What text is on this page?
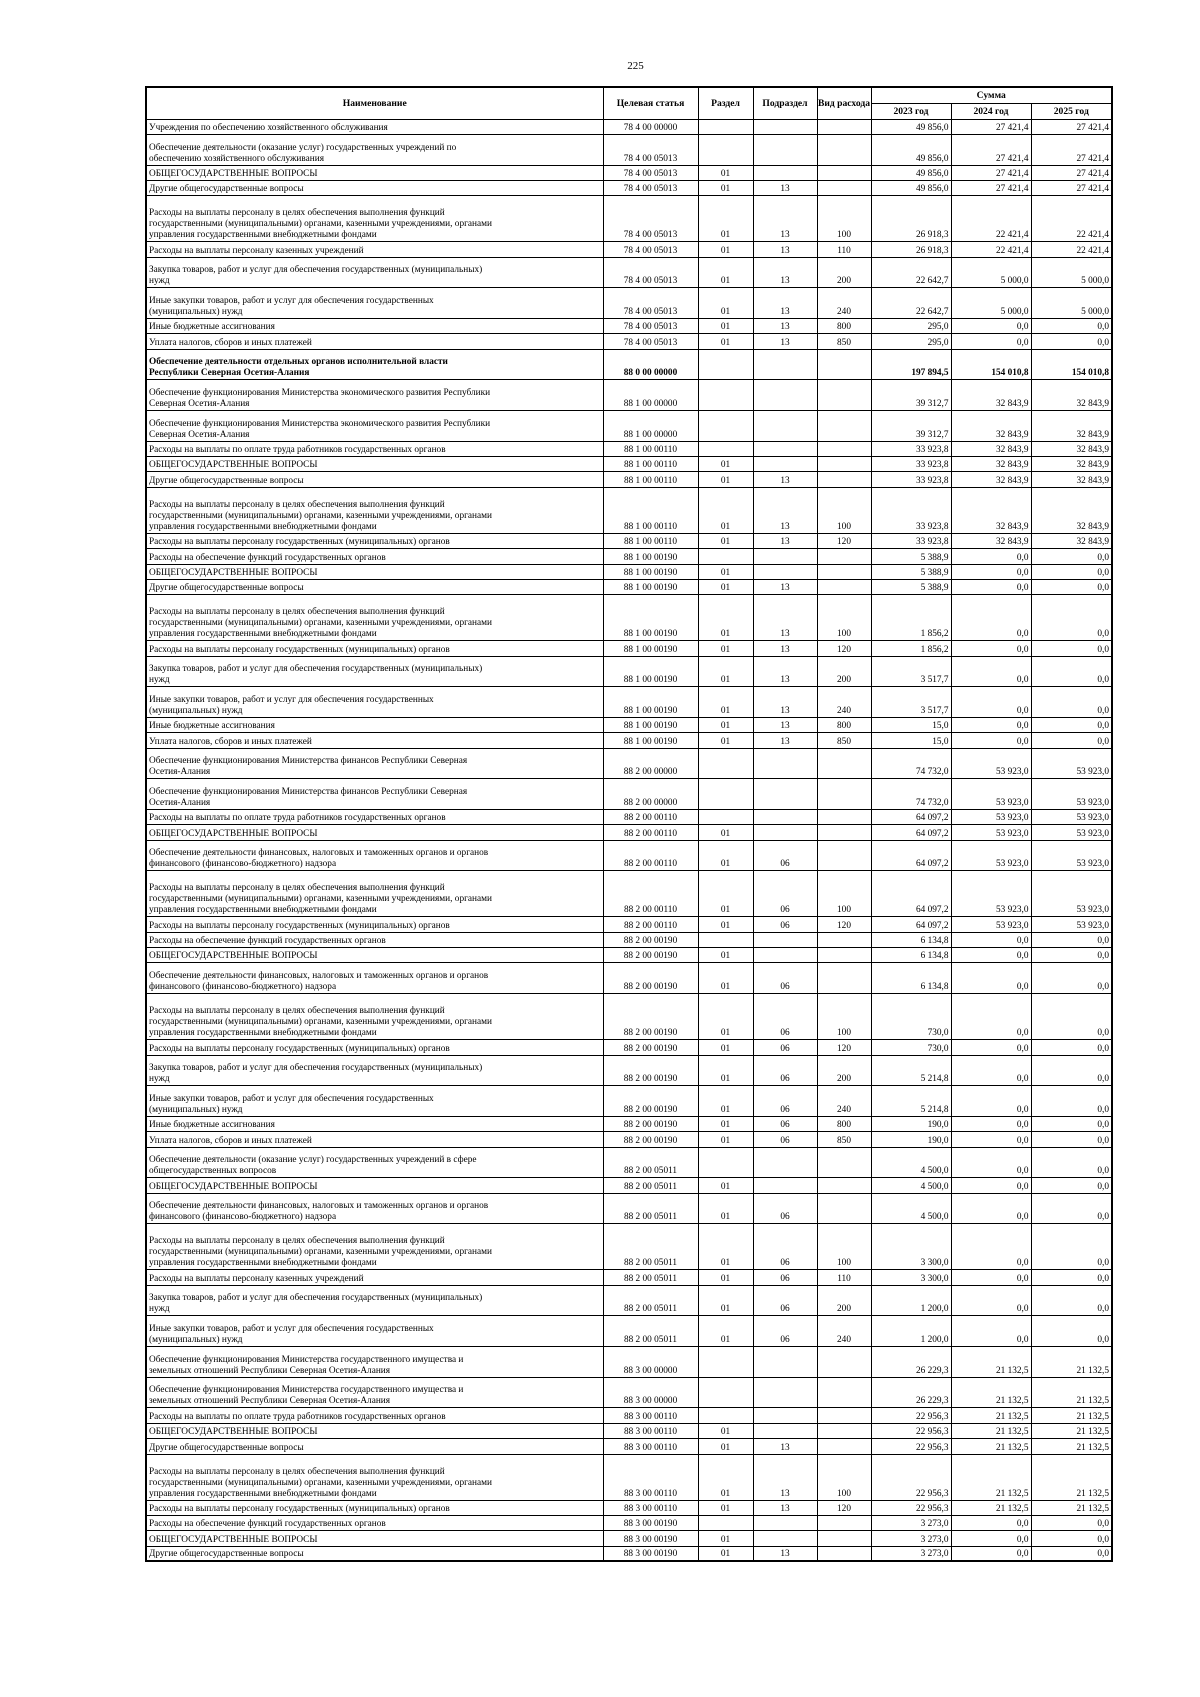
225
Наименование	Целевая статья	Раздел	Подраздел	Вид расхода	Сумма		
					2023 год	2024 год	2025 год
Учреждения по обеспечению хозяйственного обслуживания	78 4 00 00000				49 856,0	27 421,4	27 421,4
Обеспечение деятельности (оказание услуг) государственных учреждений по
обеспечению хозяйственного обслуживания	78 4 00 05013				49 856,0	27 421,4	27 421,4
ОБЩЕГОСУДАРСТВЕННЫЕ ВОПРОСЫ	78 4 00 05013	01			49 856,0	27 421,4	27 421,4
Другие общегосударственные вопросы	78 4 00 05013	01	13		49 856,0	27 421,4	27 421,4
Расходы на выплаты персоналу в целях обеспечения выполнения функций
государственными (муниципальными) органами, казенными учреждениями, органами
управления государственными внебюджетными фондами	78 4 00 05013	01	13	100	26 918,3	22 421,4	22 421,4
Расходы на выплаты персоналу казенных учреждений	78 4 00 05013	01	13	110	26 918,3	22 421,4	22 421,4
Закупка товаров, работ и услуг для обеспечения государственных (муниципальных)
нужд	78 4 00 05013	01	13	200	22 642,7	5 000,0	5 000,0
Иные закупки товаров, работ и услуг для обеспечения государственных
(муниципальных) нужд	78 4 00 05013	01	13	240	22 642,7	5 000,0	5 000,0
Иные бюджетные ассигнования	78 4 00 05013	01	13	800	295,0	0,0	0,0
Уплата налогов, сборов и иных платежей	78 4 00 05013	01	13	850	295,0	0,0	0,0
Обеспечение деятельности отдельных органов исполнительной власти
Республики Северная Осетия-Алания	88 0 00 00000				197 894,5	154 010,8	154 010,8
Обеспечение функционирования Министерства экономического развития Республики
Северная Осетия-Алания	88 1 00 00000				39 312,7	32 843,9	32 843,9
Обеспечение функционирования Министерства экономического развития Республики
Северная Осетия-Алания	88 1 00 00000				39 312,7	32 843,9	32 843,9
Расходы на выплаты по оплате труда работников государственных органов	88 1 00 00110				33 923,8	32 843,9	32 843,9
ОБЩЕГОСУДАРСТВЕННЫЕ ВОПРОСЫ	88 1 00 00110	01			33 923,8	32 843,9	32 843,9
Другие общегосударственные вопросы	88 1 00 00110	01	13		33 923,8	32 843,9	32 843,9
Расходы на выплаты персоналу в целях обеспечения выполнения функций
государственными (муниципальными) органами, казенными учреждениями, органами
управления государственными внебюджетными фондами	88 1 00 00110	01	13	100	33 923,8	32 843,9	32 843,9
Расходы на выплаты персоналу государственных (муниципальных) органов	88 1 00 00110	01	13	120	33 923,8	32 843,9	32 843,9
Расходы на обеспечение функций государственных органов	88 1 00 00190				5 388,9	0,0	0,0
ОБЩЕГОСУДАРСТВЕННЫЕ ВОПРОСЫ	88 1 00 00190	01			5 388,9	0,0	0,0
Другие общегосударственные вопросы	88 1 00 00190	01	13		5 388,9	0,0	0,0
Расходы на выплаты персоналу в целях обеспечения выполнения функций
государственными (муниципальными) органами, казенными учреждениями, органами
управления государственными внебюджетными фондами	88 1 00 00190	01	13	100	1 856,2	0,0	0,0
Расходы на выплаты персоналу государственных (муниципальных) органов	88 1 00 00190	01	13	120	1 856,2	0,0	0,0
Закупка товаров, работ и услуг для обеспечения государственных (муниципальных)
нужд	88 1 00 00190	01	13	200	3 517,7	0,0	0,0
Иные закупки товаров, работ и услуг для обеспечения государственных
(муниципальных) нужд	88 1 00 00190	01	13	240	3 517,7	0,0	0,0
Иные бюджетные ассигнования	88 1 00 00190	01	13	800	15,0	0,0	0,0
Уплата налогов, сборов и иных платежей	88 1 00 00190	01	13	850	15,0	0,0	0,0
Обеспечение функционирования Министерства финансов Республики Северная
Осетия-Алания	88 2 00 00000				74 732,0	53 923,0	53 923,0
Обеспечение функционирования Министерства финансов Республики Северная
Осетия-Алания	88 2 00 00000				74 732,0	53 923,0	53 923,0
Расходы на выплаты по оплате труда работников государственных органов	88 2 00 00110				64 097,2	53 923,0	53 923,0
ОБЩЕГОСУДАРСТВЕННЫЕ ВОПРОСЫ	88 2 00 00110	01			64 097,2	53 923,0	53 923,0
Обеспечение деятельности финансовых, налоговых и таможенных органов и органов
финансового (финансово-бюджетного) надзора	88 2 00 00110	01	06		64 097,2	53 923,0	53 923,0
Расходы на выплаты персоналу в целях обеспечения выполнения функций
государственными (муниципальными) органами, казенными учреждениями, органами
управления государственными внебюджетными фондами	88 2 00 00110	01	06	100	64 097,2	53 923,0	53 923,0
Расходы на выплаты персоналу государственных (муниципальных) органов	88 2 00 00110	01	06	120	64 097,2	53 923,0	53 923,0
Расходы на обеспечение функций государственных органов	88 2 00 00190				6 134,8	0,0	0,0
ОБЩЕГОСУДАРСТВЕННЫЕ ВОПРОСЫ	88 2 00 00190	01			6 134,8	0,0	0,0
Обеспечение деятельности финансовых, налоговых и таможенных органов и органов
финансового (финансово-бюджетного) надзора	88 2 00 00190	01	06		6 134,8	0,0	0,0
Расходы на выплаты персоналу в целях обеспечения выполнения функций
государственными (муниципальными) органами, казенными учреждениями, органами
управления государственными внебюджетными фондами	88 2 00 00190	01	06	100	730,0	0,0	0,0
Расходы на выплаты персоналу государственных (муниципальных) органов	88 2 00 00190	01	06	120	730,0	0,0	0,0
Закупка товаров, работ и услуг для обеспечения государственных (муниципальных)
нужд	88 2 00 00190	01	06	200	5 214,8	0,0	0,0
Иные закупки товаров, работ и услуг для обеспечения государственных
(муниципальных) нужд	88 2 00 00190	01	06	240	5 214,8	0,0	0,0
Иные бюджетные ассигнования	88 2 00 00190	01	06	800	190,0	0,0	0,0
Уплата налогов, сборов и иных платежей	88 2 00 00190	01	06	850	190,0	0,0	0,0
Обеспечение деятельности (оказание услуг) государственных учреждений в сфере
общегосударственных вопросов	88 2 00 05011				4 500,0	0,0	0,0
ОБЩЕГОСУДАРСТВЕННЫЕ ВОПРОСЫ	88 2 00 05011	01			4 500,0	0,0	0,0
Обеспечение деятельности финансовых, налоговых и таможенных органов и органов
финансового (финансово-бюджетного) надзора	88 2 00 05011	01	06		4 500,0	0,0	0,0
Расходы на выплаты персоналу в целях обеспечения выполнения функций
государственными (муниципальными) органами, казенными учреждениями, органами
управления государственными внебюджетными фондами	88 2 00 05011	01	06	100	3 300,0	0,0	0,0
Расходы на выплаты персоналу казенных учреждений	88 2 00 05011	01	06	110	3 300,0	0,0	0,0
Закупка товаров, работ и услуг для обеспечения государственных (муниципальных)
нужд	88 2 00 05011	01	06	200	1 200,0	0,0	0,0
Иные закупки товаров, работ и услуг для обеспечения государственных
(муниципальных) нужд	88 2 00 05011	01	06	240	1 200,0	0,0	0,0
Обеспечение функционирования Министерства государственного имущества и
земельных отношений Республики Северная Осетия-Алания	88 3 00 00000				26 229,3	21 132,5	21 132,5
Обеспечение функционирования Министерства государственного имущества и
земельных отношений Республики Северная Осетия-Алания	88 3 00 00000				26 229,3	21 132,5	21 132,5
Расходы на выплаты по оплате труда работников государственных органов	88 3 00 00110				22 956,3	21 132,5	21 132,5
ОБЩЕГОСУДАРСТВЕННЫЕ ВОПРОСЫ	88 3 00 00110	01			22 956,3	21 132,5	21 132,5
Другие общегосударственные вопросы	88 3 00 00110	01	13		22 956,3	21 132,5	21 132,5
Расходы на выплаты персоналу в целях обеспечения выполнения функций
государственными (муниципальными) органами, казенными учреждениями, органами
управления государственными внебюджетными фондами	88 3 00 00110	01	13	100	22 956,3	21 132,5	21 132,5
Расходы на выплаты персоналу государственных (муниципальных) органов	88 3 00 00110	01	13	120	22 956,3	21 132,5	21 132,5
Расходы на обеспечение функций государственных органов	88 3 00 00190				3 273,0	0,0	0,0
ОБЩЕГОСУДАРСТВЕННЫЕ ВОПРОСЫ	88 3 00 00190	01			3 273,0	0,0	0,0
Другие общегосударственные вопросы	88 3 00 00190	01	13		3 273,0	0,0	0,0
